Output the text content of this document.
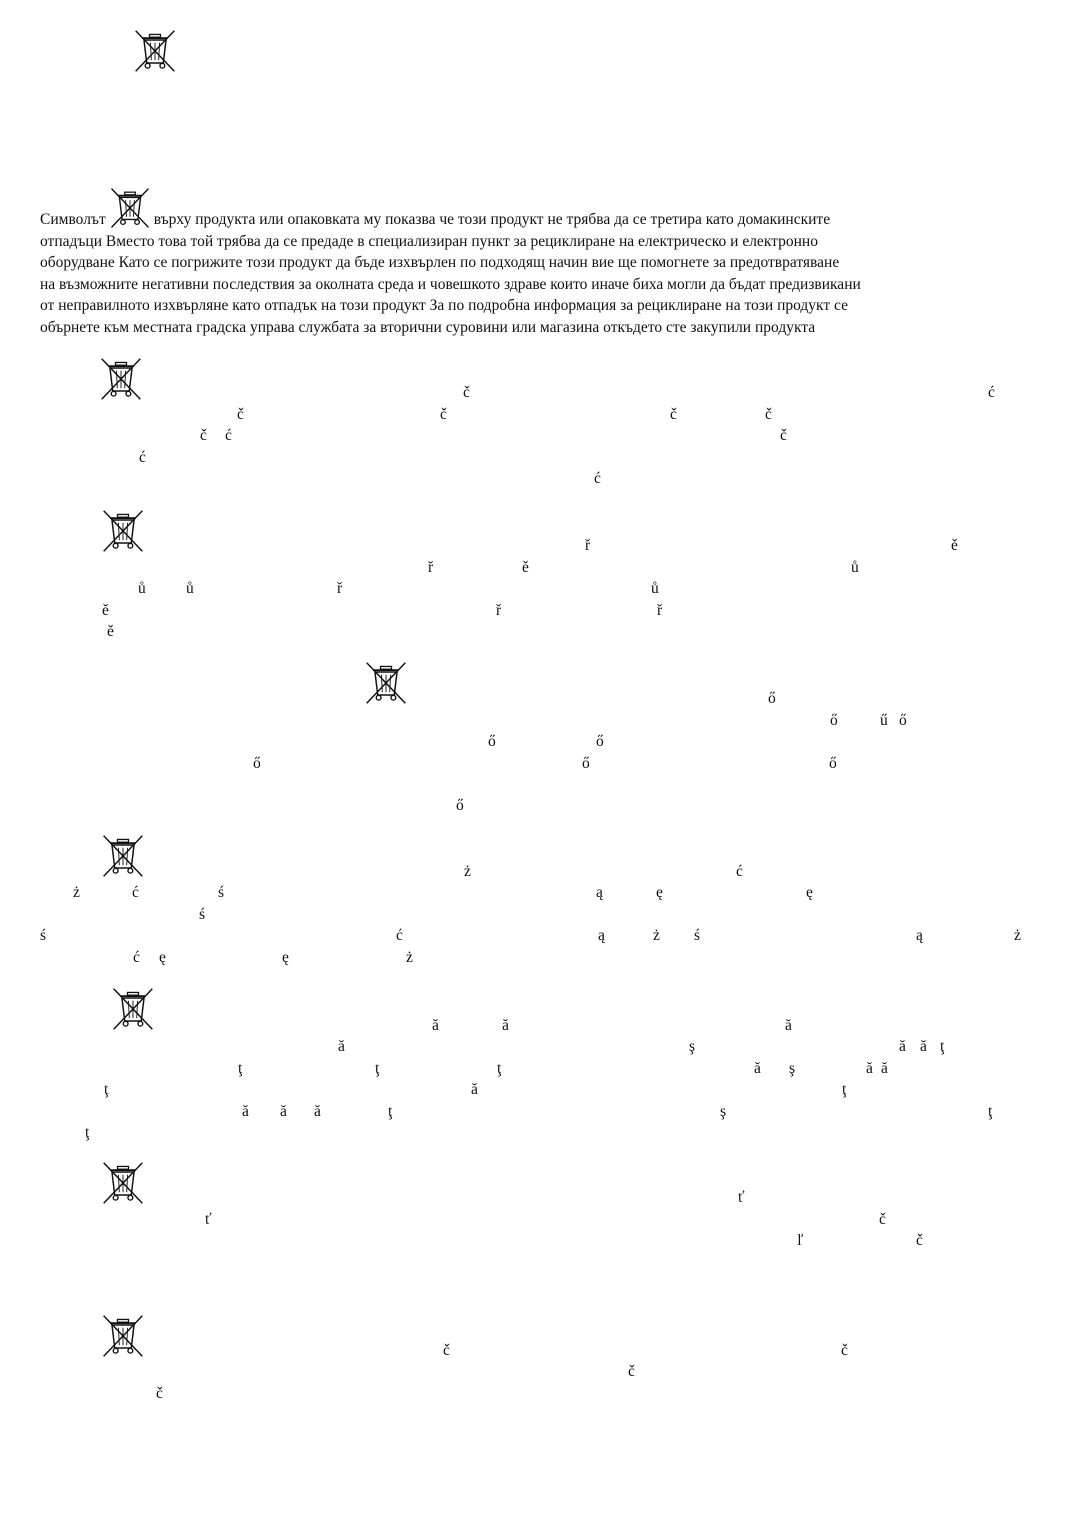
Символът	върху продукта или опаковката му показва че този продукт не трябва да се третира като домакинските
отпадъци Вместо това той трябва да се предаде в специализиран пункт за рециклиране на електрическо и електронно
оборудване Като се погрижите този продукт да бъде изхвърлен по подходящ начин вие ще помогнете за предотвратяване
на възможните негативни последствия за околната среда и човешкото здраве които иначе биха могли да бъдат предизвикани
от неправилното изхвърляне като отпадък на този продукт За по подробна информация за рециклиране на този продукт се
обърнете към местната градска управа службата за вторични суровини или магазина откъдето сте закупили продукта

č	ć
č	č	č	č
č ć
ć
č
ć
ř	ě
ř	ě	ů
ů	ů	ř	ů
ě	ř	ř
ě
ő
ő	ű ő
ő	ő
ő	ő	ő
ő
ż	ć
ż	ć	ś	ą	ę	ę
ś
ś	ć	ą	ż ś	ą	ż
ć ę	ę	ż
ă	ă	ă
ă	ş	ă ă ţ
ţ	ţ	ţ	ă ş	ă ă
ţ	ă	ţ
ă ă ă	ţ	ş	ţ
ţ
ť
ť	č
ľ	č
č	č
č
č
